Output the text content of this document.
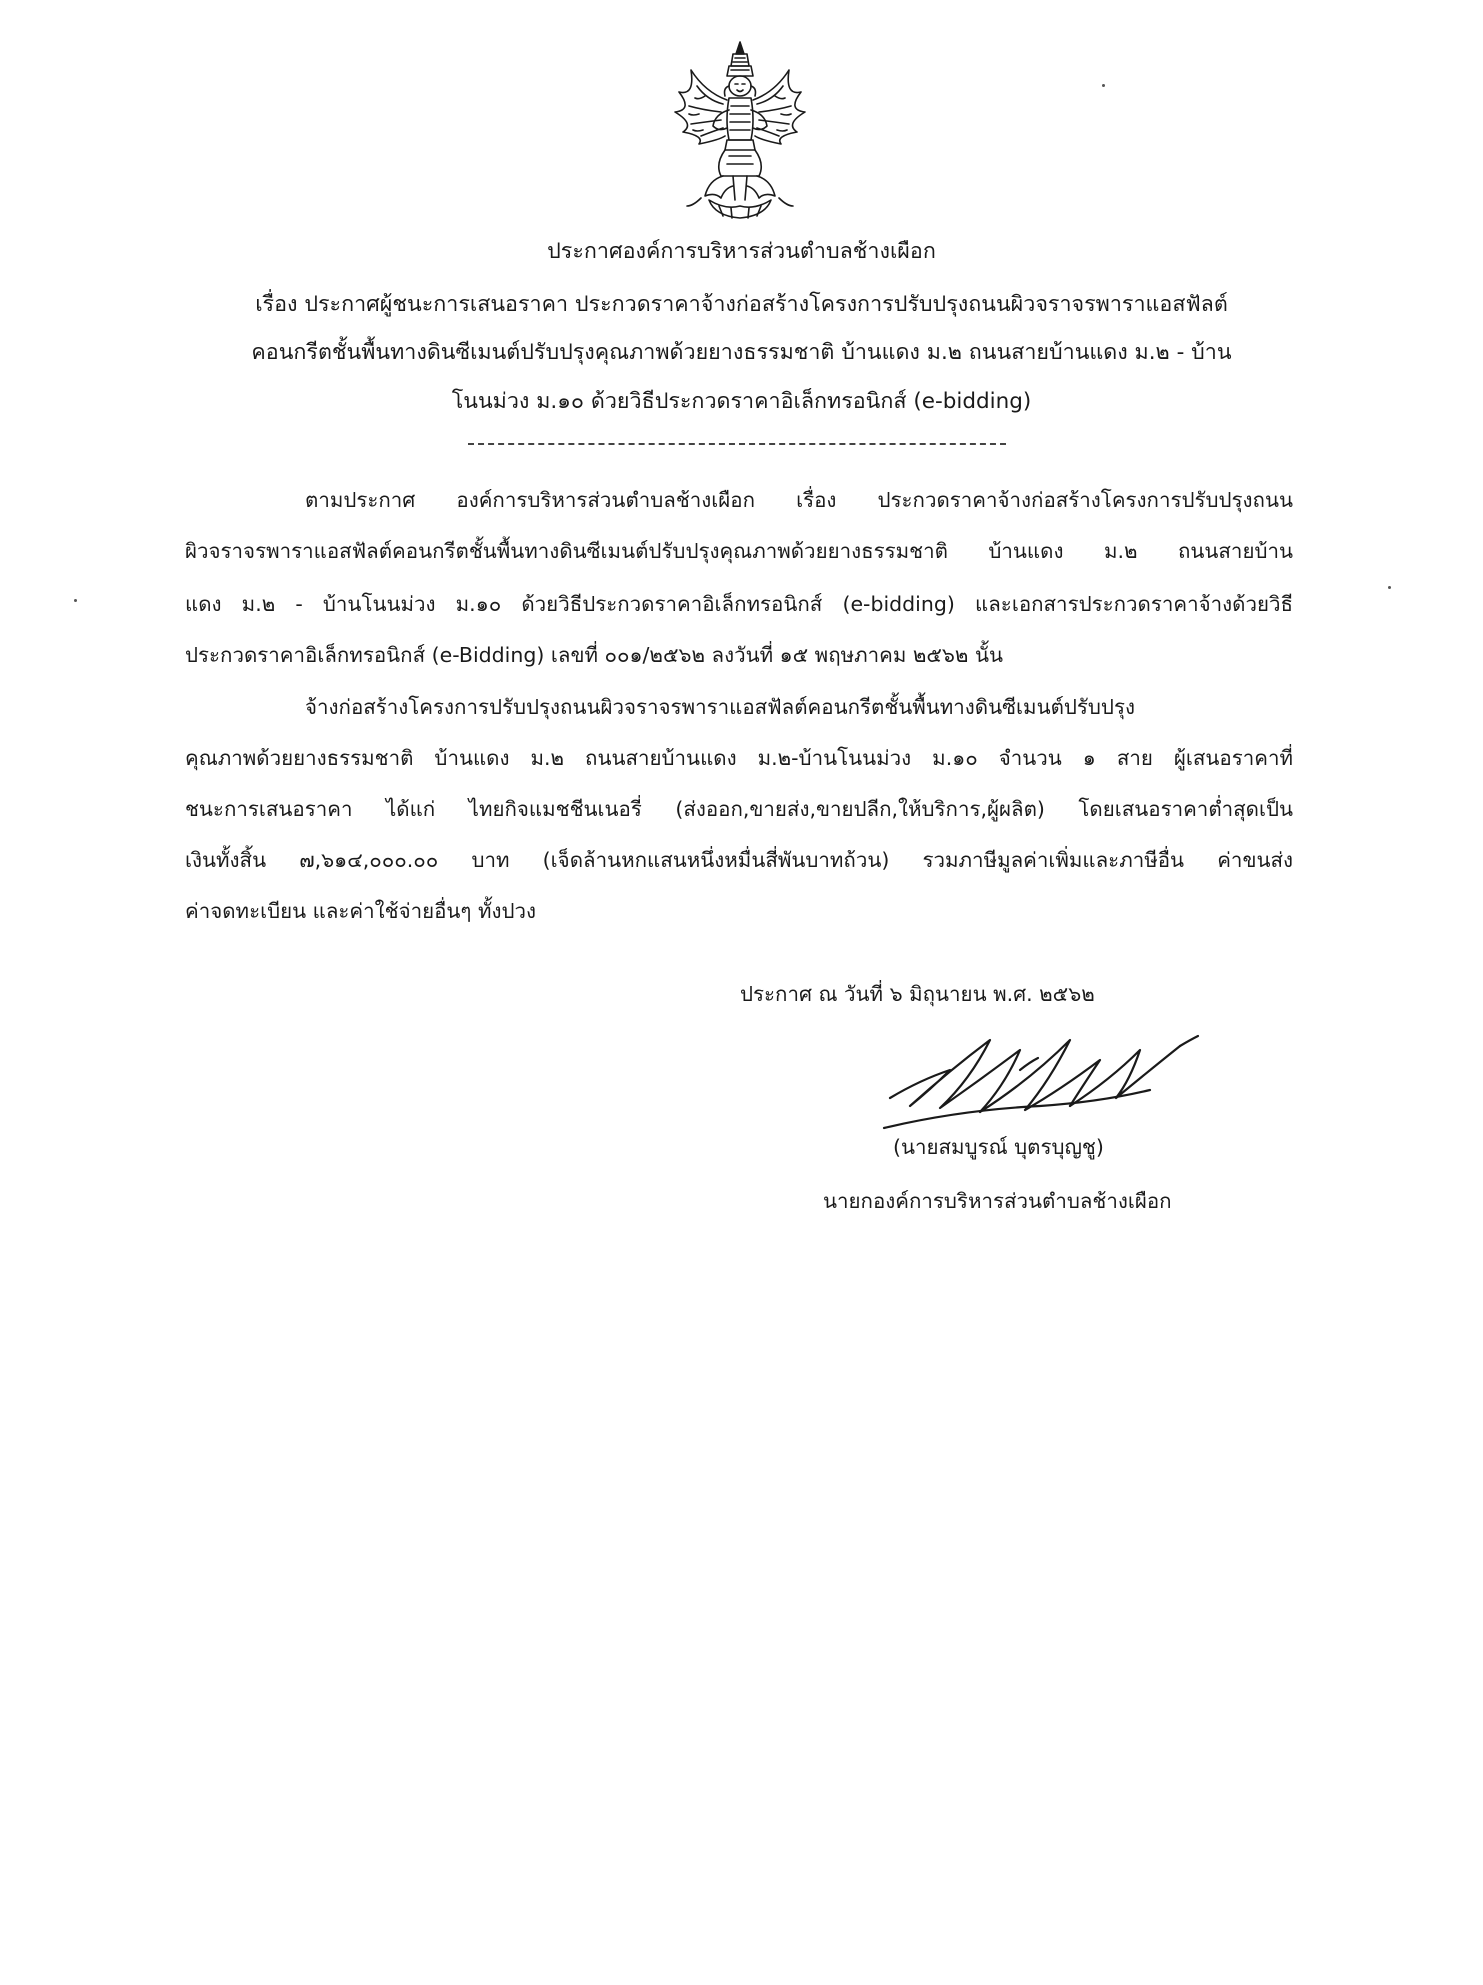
ประกาศองค์การบริหารส่วนตำบลช้างเผือก
เรื่อง ประกาศผู้ชนะการเสนอราคา ประกวดราคาจ้างก่อสร้างโครงการปรับปรุงถนนผิวจราจรพาราแอสฟัลต์
คอนกรีตชั้นพื้นทางดินซีเมนต์ปรับปรุงคุณภาพด้วยยางธรรมชาติ บ้านแดง ม.๒ ถนนสายบ้านแดง ม.๒ - บ้าน
โนนม่วง ม.๑๐ ด้วยวิธีประกวดราคาอิเล็กทรอนิกส์ (e-bidding)
ตามประกาศ องค์การบริหารส่วนตำบลช้างเผือก เรื่อง ประกวดราคาจ้างก่อสร้างโครงการปรับปรุงถนน
ผิวจราจรพาราแอสฟัลต์คอนกรีตชั้นพื้นทางดินซีเมนต์ปรับปรุงคุณภาพด้วยยางธรรมชาติ บ้านแดง ม.๒ ถนนสายบ้าน
แดง ม.๒ - บ้านโนนม่วง ม.๑๐ ด้วยวิธีประกวดราคาอิเล็กทรอนิกส์ (e-bidding) และเอกสารประกวดราคาจ้างด้วยวิธี
ประกวดราคาอิเล็กทรอนิกส์ (e-Bidding) เลขที่ ๐๐๑/๒๕๖๒ ลงวันที่ ๑๕ พฤษภาคม ๒๕๖๒ นั้น
จ้างก่อสร้างโครงการปรับปรุงถนนผิวจราจรพาราแอสฟัลต์คอนกรีตชั้นพื้นทางดินซีเมนต์ปรับปรุง
คุณภาพด้วยยางธรรมชาติ บ้านแดง ม.๒ ถนนสายบ้านแดง ม.๒-บ้านโนนม่วง ม.๑๐ จำนวน ๑ สาย ผู้เสนอราคาที่
ชนะการเสนอราคา ได้แก่ ไทยกิจแมชชีนเนอรี่ (ส่งออก,ขายส่ง,ขายปลีก,ให้บริการ,ผู้ผลิต) โดยเสนอราคาต่ำสุดเป็น
เงินทั้งสิ้น ๗,๖๑๔,๐๐๐.๐๐ บาท (เจ็ดล้านหกแสนหนึ่งหมื่นสี่พันบาทถ้วน) รวมภาษีมูลค่าเพิ่มและภาษีอื่น ค่าขนส่ง
ค่าจดทะเบียน และค่าใช้จ่ายอื่นๆ ทั้งปวง
ประกาศ ณ วันที่ ๖ มิถุนายน พ.ศ. ๒๕๖๒
(นายสมบูรณ์ บุตรบุญชู)
นายกองค์การบริหารส่วนตำบลช้างเผือก
